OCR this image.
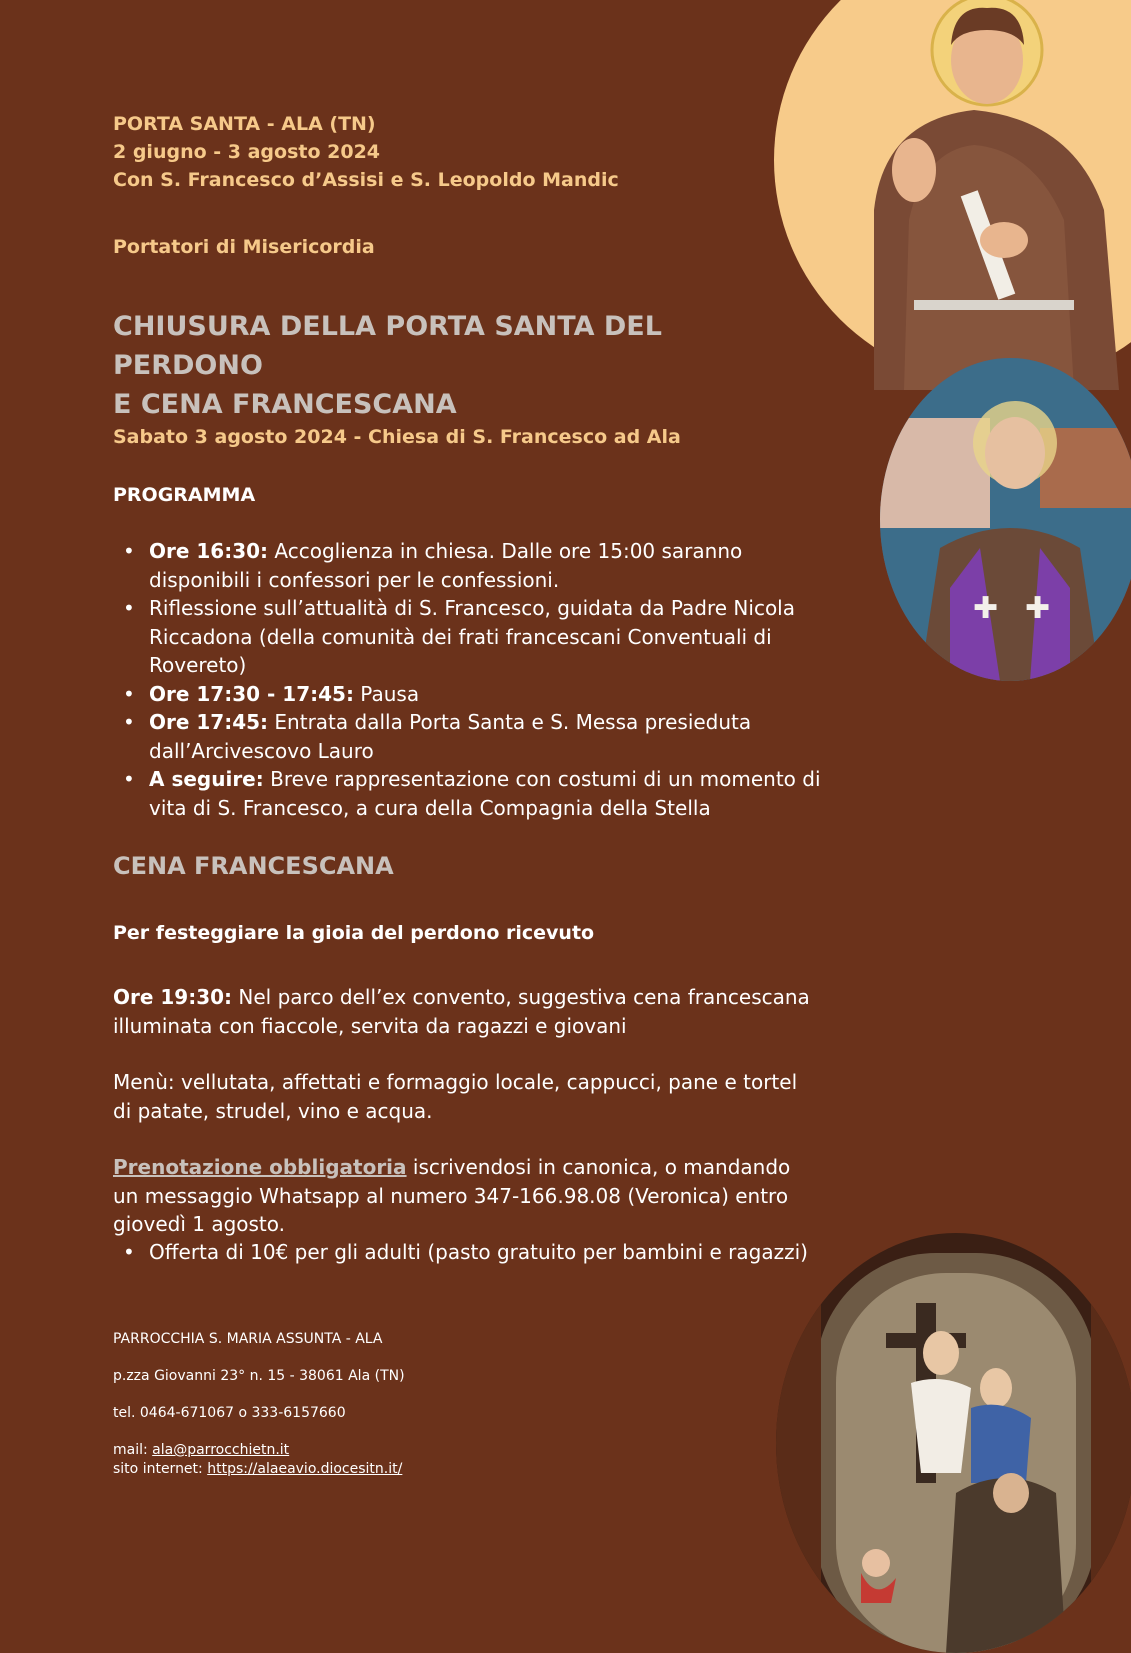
PORTA SANTA - ALA (TN)

2 giugno - 3 agosto 2024

Con S. Francesco d’Assisi e S. Leopoldo Mandic

Portatori di Misericordia

CHIUSURA DELLA PORTA SANTA DEL PERDONO
E CENA FRANCESCANA

Sabato 3 agosto 2024 - Chiesa di S. Francesco ad Ala

PROGRAMMA

• Ore 16:30: Accoglienza in chiesa. Dalle ore 15:00 saranno disponibili i confessori per le confessioni.
• Riflessione sull’attualità di S. Francesco, guidata da Padre Nicola Riccadona (della comunità dei frati francescani Conventuali di Rovereto)
• Ore 17:30 - 17:45: Pausa
• Ore 17:45: Entrata dalla Porta Santa e S. Messa presieduta dall’Arcivescovo Lauro
• A seguire: Breve rappresentazione con costumi di un momento di vita di S. Francesco, a cura della Compagnia della Stella

CENA FRANCESCANA

Per festeggiare la gioia del perdono ricevuto

Ore 19:30: Nel parco dell’ex convento, suggestiva cena francescana illuminata con fiaccole, servita da ragazzi e giovani

Menù: vellutata, affettati e formaggio locale, cappucci, pane e tortel di patate, strudel, vino e acqua.

Prenotazione obbligatoria iscrivendosi in canonica, o mandando un messaggio Whatsapp al numero 347-166.98.08 (Veronica) entro giovedì 1 agosto.

• Offerta di 10€ per gli adulti (pasto gratuito per bambini e ragazzi)

PARROCCHIA S. MARIA ASSUNTA - ALA

p.zza Giovanni 23° n. 15 - 38061 Ala (TN)

tel. 0464-671067 o 333-6157660

mail: ala@parrocchietn.it

sito internet: https://alaeavio.diocesitn.it/

✚ ✚
